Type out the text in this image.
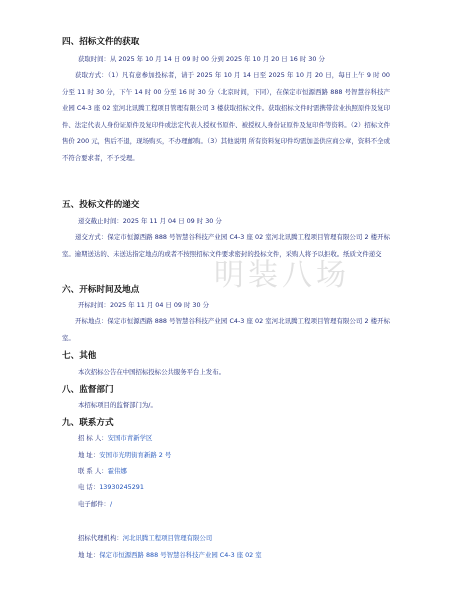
四、招标文件的获取
获取时间：从 2025 年 10 月 14 日 09 时 00 分到 2025 年 10 月 20 日 16 时 30 分

获取方式：（1）凡有意参加投标者，请于 2025 年 10 月 14 日至 2025 年 10 月 20 日，每日上午 9 时 00 分至 11 时 30 分，下午 14 时 00 分至 16 时 30 分（北京时间，下同），在保定市恒源西路 888 号智慧谷科技产业园 C4-3 座 02 室河北讯腾工程项目管理有限公司 3 楼获取招标文件。获取招标文件时需携带营业执照原件及复印件、法定代表人身份证原件及复印件或法定代表人授权书原件、被授权人身份证原件及复印件等资料。（2）招标文件售价 200 元，售后不退，现场购买，不办理邮购。（3）其他说明 所有资料复印件均需加盖供应商公章，资料不全或不符合要求者，不予受理。

五、投标文件的递交
递交截止时间：2025 年 11 月 04 日 09 时 30 分

递交方式：保定市恒源西路 888 号智慧谷科技产业园 C4-3 座 02 室河北讯腾工程项目管理有限公司 2 楼开标室。逾期送达的、未送达指定地点的或者不按照招标文件要求密封的投标文件，采购人将予以拒收。纸质文件递交

六、开标时间及地点
开标时间：2025 年 11 月 04 日 09 时 30 分

开标地点：保定市恒源西路 888 号智慧谷科技产业园 C4-3 座 02 室河北讯腾工程项目管理有限公司 2 楼开标室。

七、其他
本次招标公告在中国招标投标公共服务平台上发布。
八、监督部门
本招标项目的监督部门为/。
九、联系方式
招 标 人：安国市青新学区
地 址：安国市光明街育新路 2 号
联 系 人：霍伟娜
电 话：13930245291
电子邮件：/
招标代理机构：河北讯腾工程项目管理有限公司
地 址：保定市恒源西路 888 号智慧谷科技产业园 C4-3 座 02 室
明装八场
